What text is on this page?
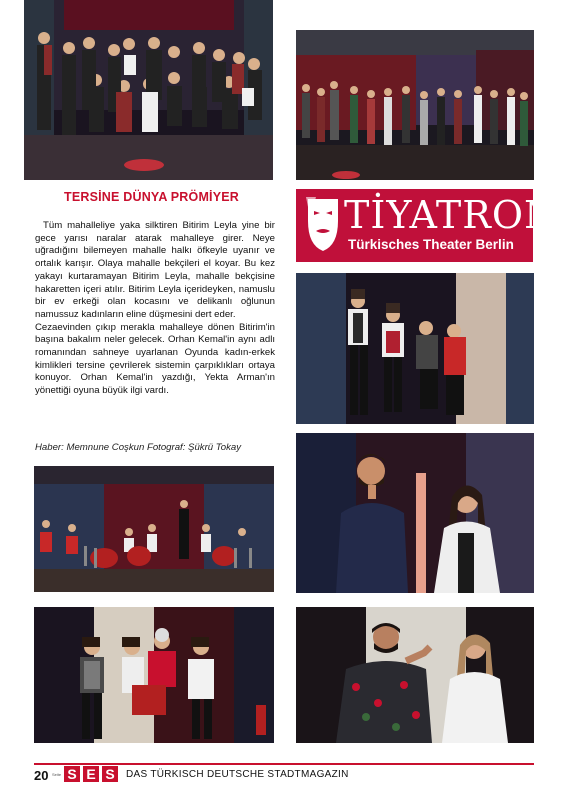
TERSİNE DÜNYA PRÖMİYER

Tüm mahalleliye yaka silktiren Bitirim Leyla yine bir gece yarısı naralar atarak mahalleye girer. Neye uğradığını bilemeyen mahalle halkı öfkeyle uyanır ve ortalık karışır. Olaya mahalle bekçileri el koyar. Bu kez yakayı kurtaramayan Bitirim Leyla, mahalle bekçisine hakaretten içeri atılır. Bitirim Leyla içerideyken, namuslu bir ev erkeği olan kocasını ve delikanlı oğlunun namussuz kadınların eline düşmesini dert eder.

Cezaevinden çıkıp merakla mahalleye dönen Bitirim'in başına bakalım neler gelecek. Orhan Kemal'in aynı adlı romanından sahneye uyarlanan Oyunda kadın-erkek kimlikleri tersine çevrilerek sistemin çarpıklıkları ortaya konuyor. Orhan Kemal'in yazdığı, Yekta Arman'ın yönettiği oyuna büyük ilgi vardı.

Haber: Memnune Coşkun Fotograf: Şükrü Tokay
TİYATROM
Türkisches Theater Berlin
20 Seite S E S DAS TÜRKISCH DEUTSCHE STADTMAGAZIN
